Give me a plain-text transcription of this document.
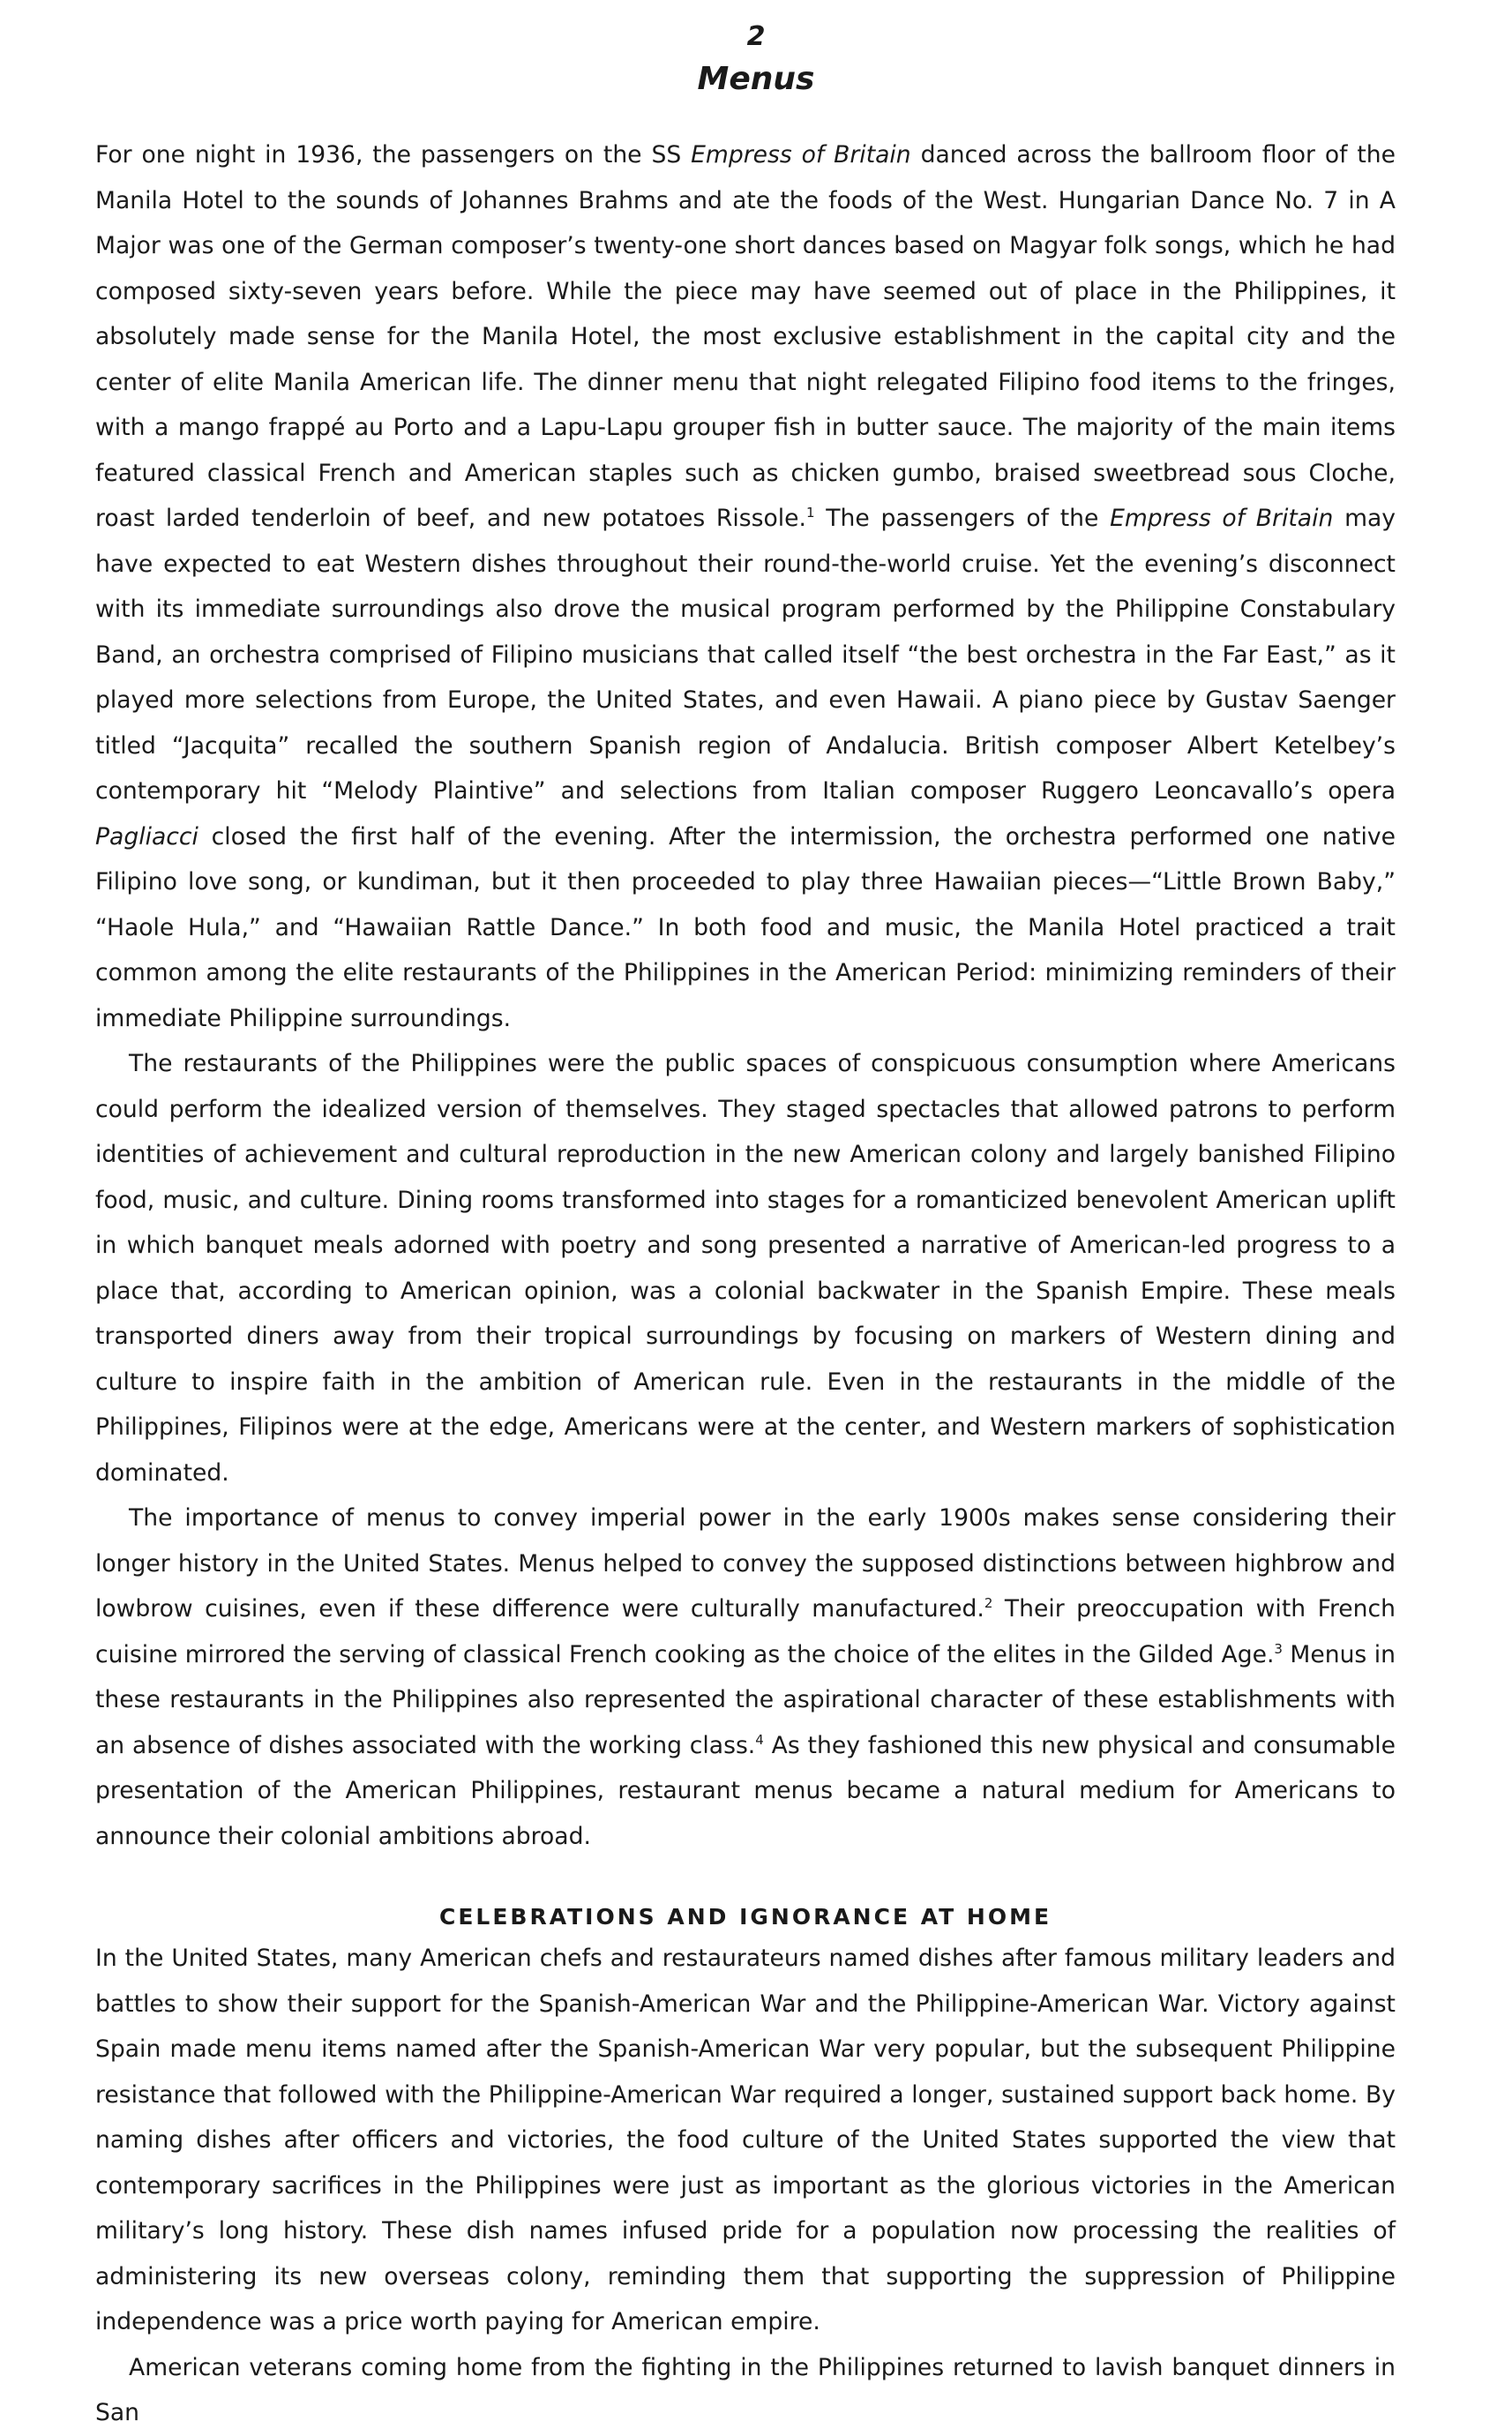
2
Menus

For one night in 1936, the passengers on the SS Empress of Britain danced across the ballroom floor of the Manila Hotel to the sounds of Johannes Brahms and ate the foods of the West. Hungarian Dance No. 7 in A Major was one of the German composer’s twenty-one short dances based on Magyar folk songs, which he had composed sixty-seven years before. While the piece may have seemed out of place in the Philippines, it absolutely made sense for the Manila Hotel, the most exclusive establishment in the capital city and the center of elite Manila American life. The dinner menu that night relegated Filipino food items to the fringes, with a mango frappé au Porto and a Lapu-Lapu grouper fish in butter sauce. The majority of the main items featured classical French and American staples such as chicken gumbo, braised sweetbread sous Cloche, roast larded tenderloin of beef, and new potatoes Rissole.$^1$ The passengers of the Empress of Britain may have expected to eat Western dishes throughout their round-the-world cruise. Yet the evening’s disconnect with its immediate surroundings also drove the musical program performed by the Philippine Constabulary Band, an orchestra comprised of Filipino musicians that called itself “the best orchestra in the Far East,” as it played more selections from Europe, the United States, and even Hawaii. A piano piece by Gustav Saenger titled “Jacquita” recalled the southern Spanish region of Andalucia. British composer Albert Ketelbey’s contemporary hit “Melody Plaintive” and selections from Italian composer Ruggero Leoncavallo’s opera Pagliacci closed the first half of the evening. After the intermission, the orchestra performed one native Filipino love song, or kundiman, but it then proceeded to play three Hawaiian pieces—“Little Brown Baby,” “Haole Hula,” and “Hawaiian Rattle Dance.” In both food and music, the Manila Hotel practiced a trait common among the elite restaurants of the Philippines in the American Period: minimizing reminders of their immediate Philippine surroundings.

The restaurants of the Philippines were the public spaces of conspicuous consumption where Americans could perform the idealized version of themselves. They staged spectacles that allowed patrons to perform identities of achievement and cultural reproduction in the new American colony and largely banished Filipino food, music, and culture. Dining rooms transformed into stages for a romanticized benevolent American uplift in which banquet meals adorned with poetry and song presented a narrative of American-led progress to a place that, according to American opinion, was a colonial backwater in the Spanish Empire. These meals transported diners away from their tropical surroundings by focusing on markers of Western dining and culture to inspire faith in the ambition of American rule. Even in the restaurants in the middle of the Philippines, Filipinos were at the edge, Americans were at the center, and Western markers of sophistication dominated.

The importance of menus to convey imperial power in the early 1900s makes sense considering their longer history in the United States. Menus helped to convey the supposed distinctions between highbrow and lowbrow cuisines, even if these difference were culturally manufactured.$^2$ Their preoccupation with French cuisine mirrored the serving of classical French cooking as the choice of the elites in the Gilded Age.$^3$ Menus in these restaurants in the Philippines also represented the aspirational character of these establishments with an absence of dishes associated with the working class.$^4$ As they fashioned this new physical and consumable presentation of the American Philippines, restaurant menus became a natural medium for Americans to announce their colonial ambitions abroad.

CELEBRATIONS AND IGNORANCE AT HOME

In the United States, many American chefs and restaurateurs named dishes after famous military leaders and battles to show their support for the Spanish-American War and the Philippine-American War. Victory against Spain made menu items named after the Spanish-American War very popular, but the subsequent Philippine resistance that followed with the Philippine-American War required a longer, sustained support back home. By naming dishes after officers and victories, the food culture of the United States supported the view that contemporary sacrifices in the Philippines were just as important as the glorious victories in the American military’s long history. These dish names infused pride for a population now processing the realities of administering its new overseas colony, reminding them that supporting the suppression of Philippine independence was a price worth paying for American empire.

American veterans coming home from the fighting in the Philippines returned to lavish banquet dinners in San
